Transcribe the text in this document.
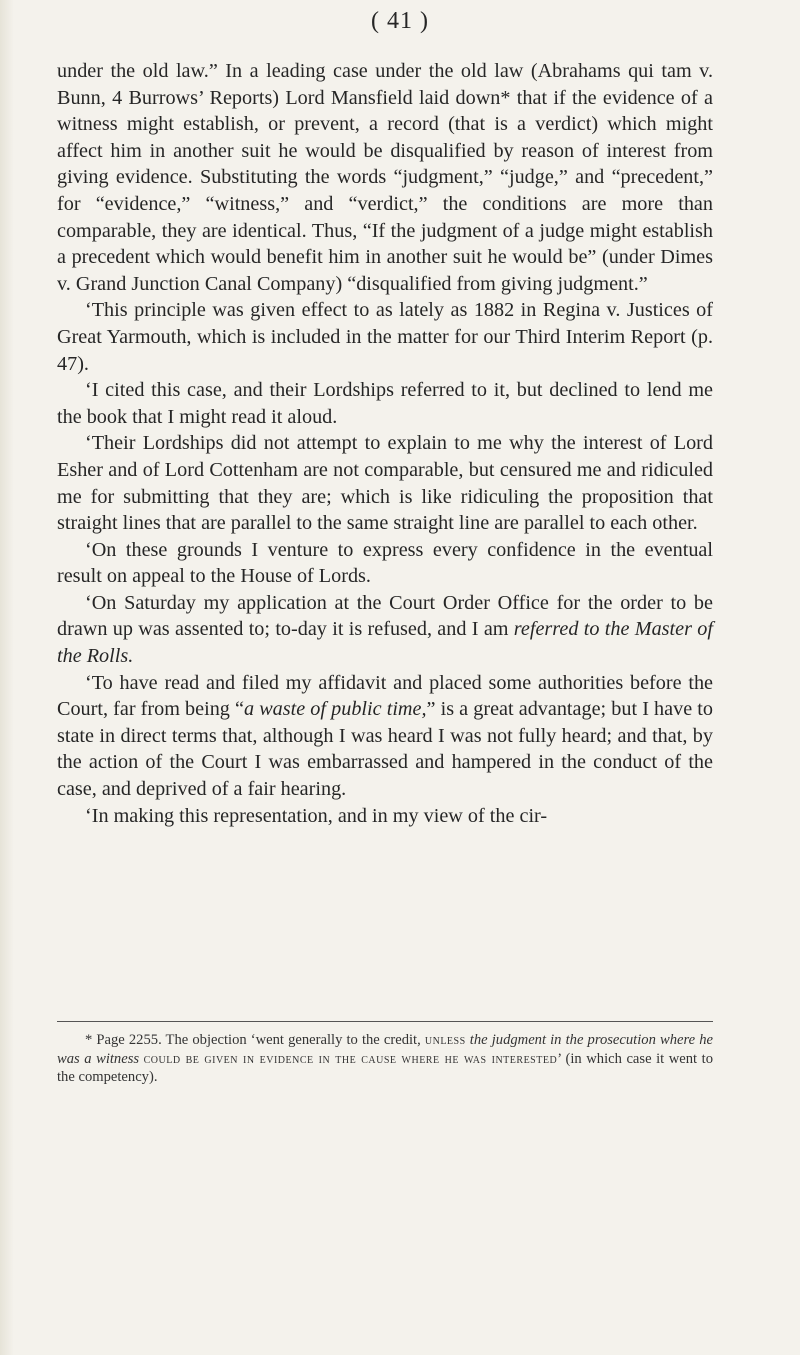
( 41 )

under the old law.” In a leading case under the old law (Abrahams qui tam v. Bunn, 4 Burrows’ Reports) Lord Mansfield laid down* that if the evidence of a witness might establish, or prevent, a record (that is a verdict) which might affect him in another suit he would be disqualified by reason of interest from giving evidence. Substituting the words “judgment,” “judge,” and “precedent,” for “evidence,” “witness,” and “verdict,” the conditions are more than comparable, they are identical. Thus, “If the judgment of a judge might establish a precedent which would benefit him in another suit he would be” (under Dimes v. Grand Junction Canal Company) “disqualified from giving judgment.”

‘This principle was given effect to as lately as 1882 in Regina v. Justices of Great Yarmouth, which is included in the matter for our Third Interim Report (p. 47).

‘I cited this case, and their Lordships referred to it, but declined to lend me the book that I might read it aloud.

‘Their Lordships did not attempt to explain to me why the interest of Lord Esher and of Lord Cottenham are not comparable, but censured me and ridiculed me for submitting that they are; which is like ridiculing the proposition that straight lines that are parallel to the same straight line are parallel to each other.

‘On these grounds I venture to express every confidence in the eventual result on appeal to the House of Lords.

‘On Saturday my application at the Court Order Office for the order to be drawn up was assented to; to-day it is refused, and I am referred to the Master of the Rolls.

‘To have read and filed my affidavit and placed some authorities before the Court, far from being “a waste of public time,” is a great advantage; but I have to state in direct terms that, although I was heard I was not fully heard; and that, by the action of the Court I was embarrassed and hampered in the conduct of the case, and deprived of a fair hearing.

‘In making this representation, and in my view of the cir-

* Page 2255. The objection ‘went generally to the credit, unless the judgment in the prosecution where he was a witness could be given in evidence in the cause where he was interested’ (in which case it went to the competency).
